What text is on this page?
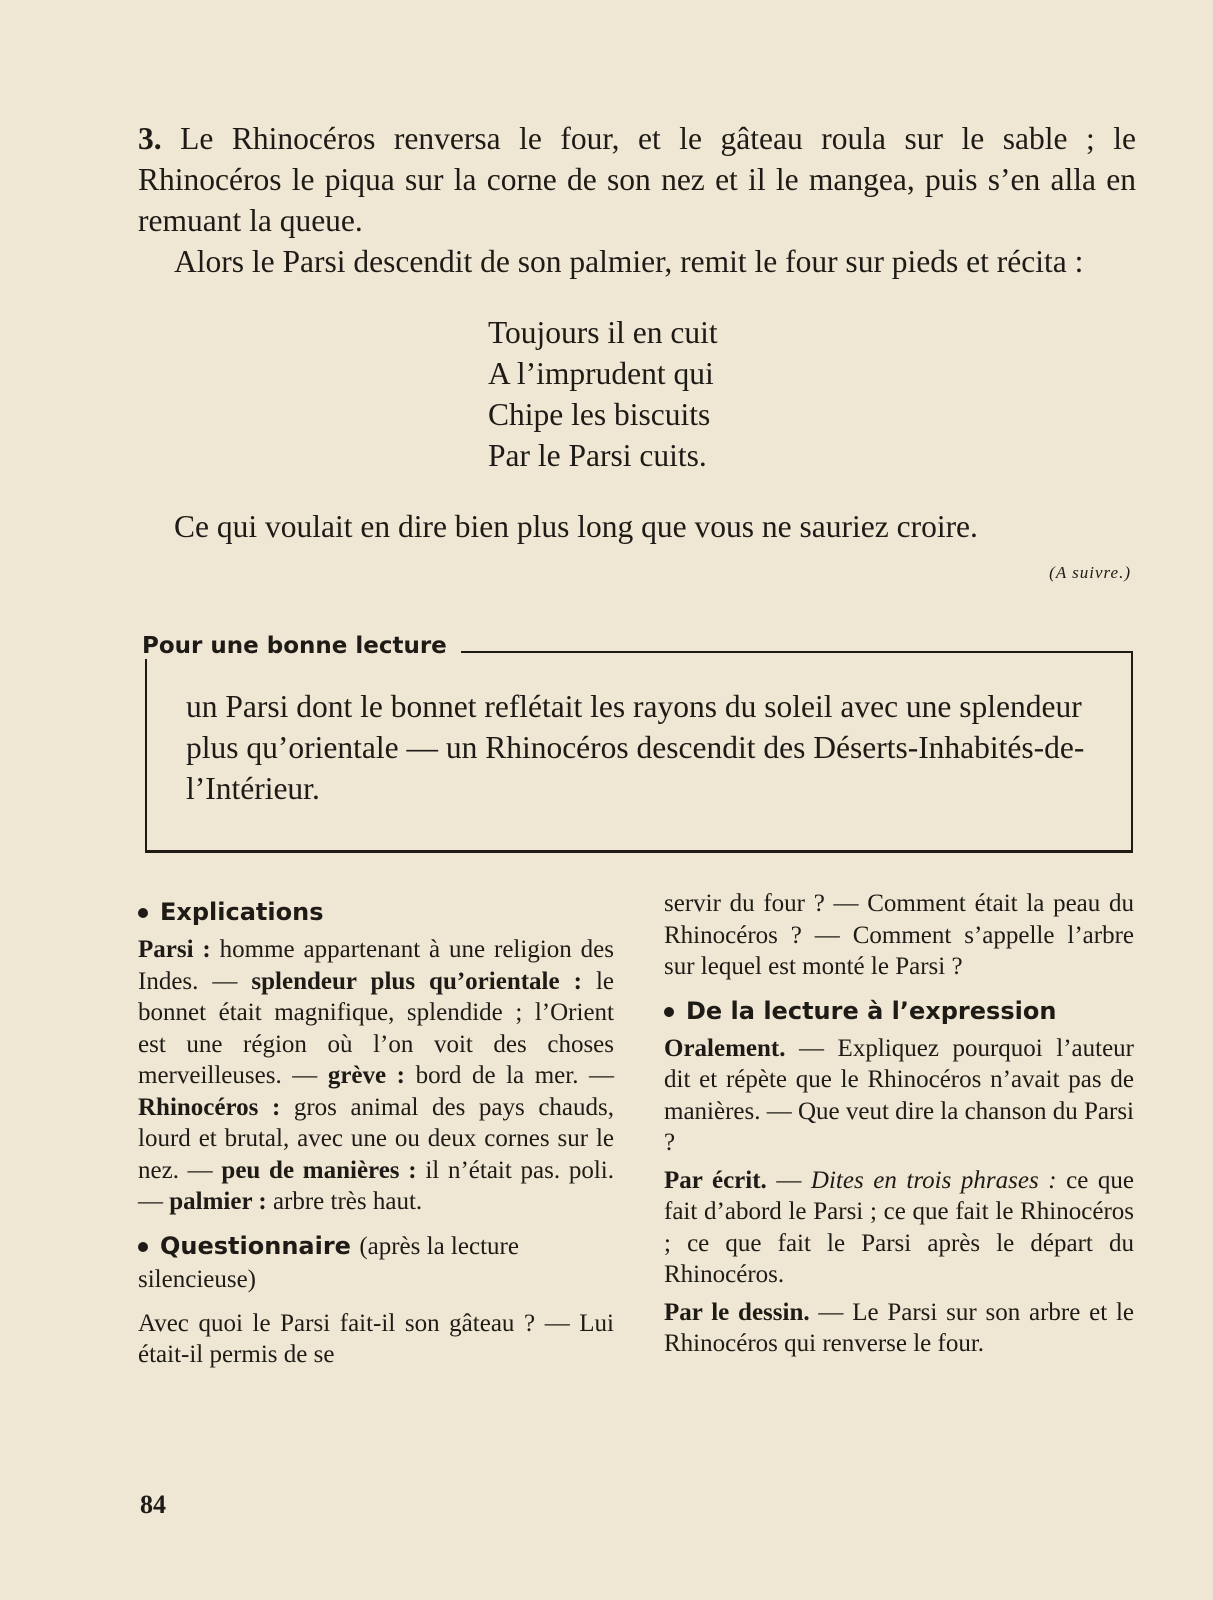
3. Le Rhinocéros renversa le four, et le gâteau roula sur le sable ; le Rhinocéros le piqua sur la corne de son nez et il le mangea, puis s’en alla en remuant la queue.

Alors le Parsi descendit de son palmier, remit le four sur pieds et récita :

Toujours il en cuit
A l’imprudent qui
Chipe les biscuits
Par le Parsi cuits.
Ce qui voulait en dire bien plus long que vous ne sauriez croire.
(A suivre.)
Pour une bonne lecture
un Parsi dont le bonnet reflétait les rayons du soleil avec une splendeur plus qu’orientale — un Rhinocéros descendit des Déserts-Inhabités-de-l’Intérieur.
Explications

Parsi : homme appartenant à une religion des Indes. — splendeur plus qu’orientale : le bonnet était magnifique, splendide ; l’Orient est une région où l’on voit des choses merveilleuses. — grève : bord de la mer. — Rhinocéros : gros animal des pays chauds, lourd et brutal, avec une ou deux cornes sur le nez. — peu de manières : il n’était pas. poli. — palmier : arbre très haut.

Questionnaire (après la lecture silencieuse)

Avec quoi le Parsi fait-il son gâteau ? — Lui était-il permis de se

servir du four ? — Comment était la peau du Rhinocéros ? — Comment s’appelle l’arbre sur lequel est monté le Parsi ?

De la lecture à l’expression

Oralement. — Expliquez pourquoi l’auteur dit et répète que le Rhinocéros n’avait pas de manières. — Que veut dire la chanson du Parsi ?

Par écrit. — Dites en trois phrases : ce que fait d’abord le Parsi ; ce que fait le Rhinocéros ; ce que fait le Parsi après le départ du Rhinocéros.

Par le dessin. — Le Parsi sur son arbre et le Rhinocéros qui renverse le four.

84
